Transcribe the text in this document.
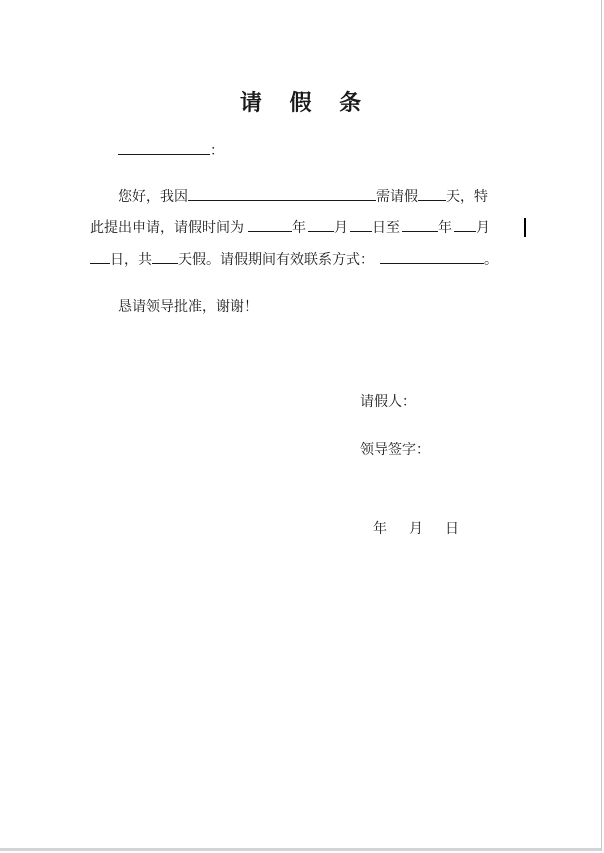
请 假 条
：
您好，我因	需请假 天，特
此提出申请，请假时间为	年 月 日至	年 月
日，共 天假。请假期间有效联系方式：	。
恳请领导批准，谢谢！
请假人：
领导签字：
年 月 日
